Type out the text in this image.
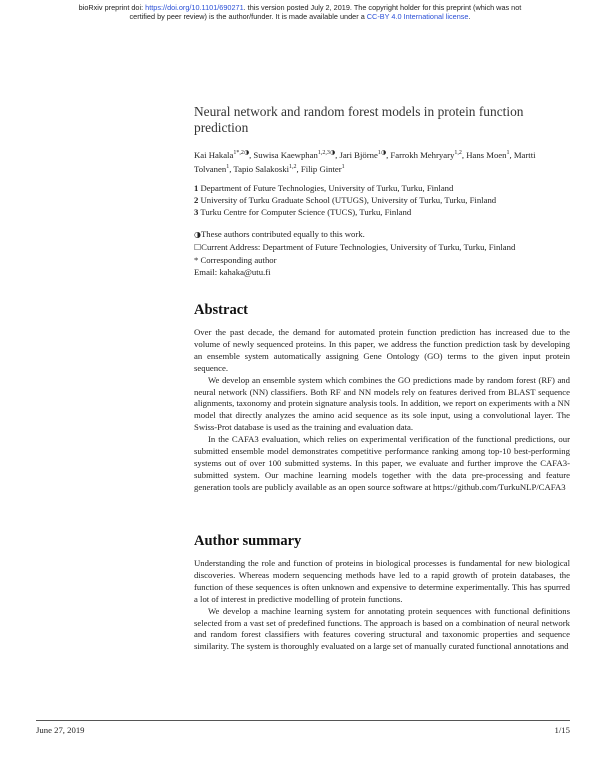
bioRxiv preprint doi: https://doi.org/10.1101/690271. this version posted July 2, 2019. The copyright holder for this preprint (which was not
certified by peer review) is the author/funder. It is made available under a CC-BY 4.0 International license.
Neural network and random forest models in protein function prediction
Kai Hakala$^{1*,2◑}$, Suwisa Kaewphan$^{1,2,3◑}$, Jari Björne$^{1◑}$, Farrokh Mehryary$^{1,2}$, Hans Moen$^1$, Martti Tolvanen$^1$, Tapio Salakoski$^{1,2}$, Filip Ginter$^1$
1 Department of Future Technologies, University of Turku, Turku, Finland
2 University of Turku Graduate School (UTUGS), University of Turku, Turku, Finland
3 Turku Centre for Computer Science (TUCS), Turku, Finland
◑These authors contributed equally to this work.
☐Current Address: Department of Future Technologies, University of Turku, Turku, Finland
* Corresponding author
Email: kahaka@utu.fi
Abstract

Over the past decade, the demand for automated protein function prediction has increased due to the volume of newly sequenced proteins. In this paper, we address the function prediction task by developing an ensemble system automatically assigning Gene Ontology (GO) terms to the given input protein sequence.

We develop an ensemble system which combines the GO predictions made by random forest (RF) and neural network (NN) classifiers. Both RF and NN models rely on features derived from BLAST sequence alignments, taxonomy and protein signature analysis tools. In addition, we report on experiments with a NN model that directly analyzes the amino acid sequence as its sole input, using a convolutional layer. The Swiss-Prot database is used as the training and evaluation data.

In the CAFA3 evaluation, which relies on experimental verification of the functional predictions, our submitted ensemble model demonstrates competitive performance ranking among top-10 best-performing systems out of over 100 submitted systems. In this paper, we evaluate and further improve the CAFA3-submitted system. Our machine learning models together with the data pre-processing and feature generation tools are publicly available as an open source software at https://github.com/TurkuNLP/CAFA3

Author summary

Understanding the role and function of proteins in biological processes is fundamental for new biological discoveries. Whereas modern sequencing methods have led to a rapid growth of protein databases, the function of these sequences is often unknown and expensive to determine experimentally. This has spurred a lot of interest in predictive modelling of protein functions.

We develop a machine learning system for annotating protein sequences with functional definitions selected from a vast set of predefined functions. The approach is based on a combination of neural network and random forest classifiers with features covering structural and taxonomic properties and sequence similarity. The system is thoroughly evaluated on a large set of manually curated functional annotations and

June 27, 2019	1/15
